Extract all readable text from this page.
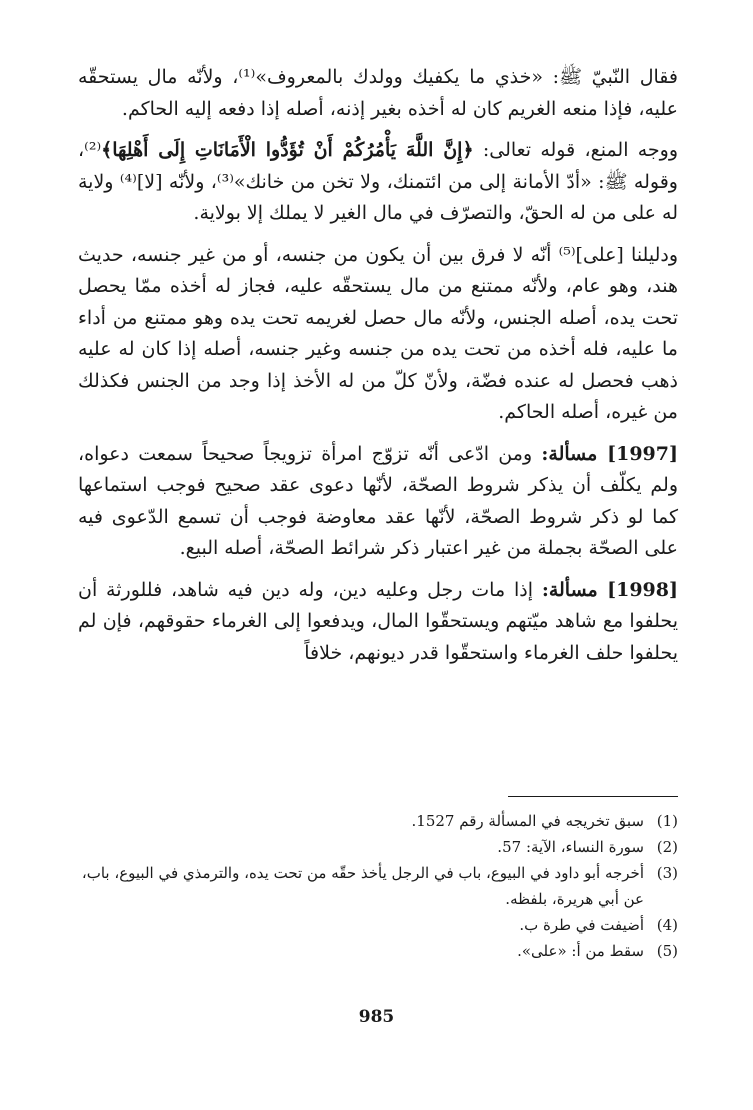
فقال النّبيّ ﷺ: «خذي ما يكفيك وولدك بالمعروف»⁽¹⁾، ولأنّه مال يستحقّه عليه، فإذا منعه الغريم كان له أخذه بغير إذنه، أصله إذا دفعه إليه الحاكم.

ووجه المنع، قوله تعالى: ﴿إِنَّ اللَّهَ يَأْمُرُكُمْ أَنْ تُؤَدُّوا الْأَمَانَاتِ إِلَى أَهْلِهَا﴾⁽²⁾، وقوله ﷺ: «أدّ الأمانة إلى من ائتمنك، ولا تخن من خانك»⁽³⁾، ولأنّه [لا]⁽⁴⁾ ولاية له على من له الحقّ، والتصرّف في مال الغير لا يملك إلا بولاية.

ودليلنا [على]⁽⁵⁾ أنّه لا فرق بين أن يكون من جنسه، أو من غير جنسه، حديث هند، وهو عام، ولأنّه ممتنع من مال يستحقّه عليه، فجاز له أخذه ممّا يحصل تحت يده، أصله الجنس، ولأنّه مال حصل لغريمه تحت يده وهو ممتنع من أداء ما عليه، فله أخذه من تحت يده من جنسه وغير جنسه، أصله إذا كان له عليه ذهب فحصل له عنده فضّة، ولأنّ كلّ من له الأخذ إذا وجد من الجنس فكذلك من غيره، أصله الحاكم.

[1997] مسألة: ومن ادّعى أنّه تزوّج امرأة تزويجاً صحيحاً سمعت دعواه، ولم يكلّف أن يذكر شروط الصحّة، لأنّها دعوى عقد صحيح فوجب استماعها كما لو ذكر شروط الصحّة، لأنّها عقد معاوضة فوجب أن تسمع الدّعوى فيه على الصحّة بجملة من غير اعتبار ذكر شرائط الصحّة، أصله البيع.

[1998] مسألة: إذا مات رجل وعليه دين، وله دين فيه شاهد، فللورثة أن يحلفوا مع شاهد ميّتهم ويستحقّوا المال، ويدفعوا إلى الغرماء حقوقهم، فإن لم يحلفوا حلف الغرماء واستحقّوا قدر ديونهم، خلافاً

(1)
سبق تخريجه في المسألة رقم 1527.
(2)
سورة النساء، الآية: 57.
(3)
أخرجه أبو داود في البيوع، باب في الرجل يأخذ حقّه من تحت يده، والترمذي في البيوع، باب، عن أبي هريرة، بلفظه.
(4)
أضيفت في طرة ب.
(5)
سقط من أ: «على».
985
